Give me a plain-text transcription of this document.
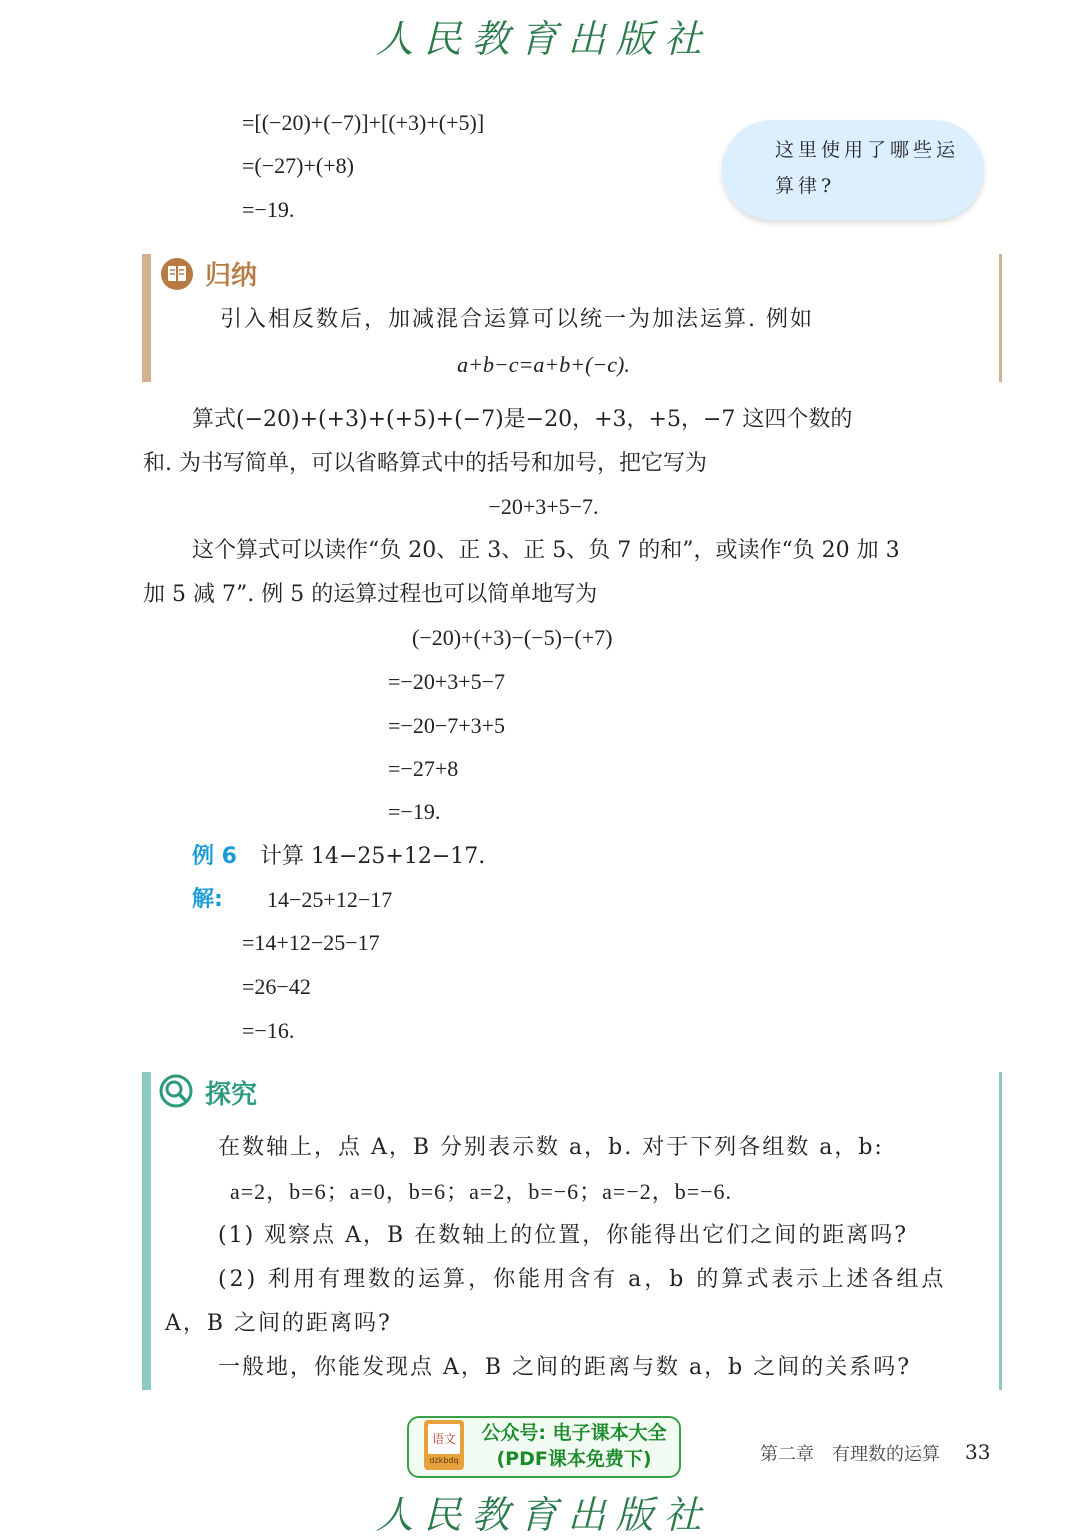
人民教育出版社
=[(−20)+(−7)]+[(+3)+(+5)]
=(−27)+(+8)
=−19.
这里使用了哪些运算律?
归纳
引入相反数后，加减混合运算可以统一为加法运算. 例如
a+b−c=a+b+(−c).
算式(−20)+(+3)+(+5)+(−7)是−20，+3，+5，−7 这四个数的
和. 为书写简单，可以省略算式中的括号和加号，把它写为
−20+3+5−7.
这个算式可以读作“负 20、正 3、正 5、负 7 的和”，或读作“负 20 加 3
加 5 减 7”. 例 5 的运算过程也可以简单地写为
(−20)+(+3)−(−5)−(+7)
=−20+3+5−7
=−20−7+3+5
=−27+8
=−19.
例 6 计算 14−25+12−17.
解: 14−25+12−17
=14+12−25−17
=26−42
=−16.
探究
在数轴上，点 A，B 分别表示数 a，b. 对于下列各组数 a，b:
a=2，b=6；a=0，b=6；a=2，b=−6；a=−2，b=−6.
(1) 观察点 A，B 在数轴上的位置，你能得出它们之间的距离吗?
(2) 利用有理数的运算，你能用含有 a，b 的算式表示上述各组点
A，B 之间的距离吗?
一般地，你能发现点 A，B 之间的距离与数 a，b 之间的关系吗?
语文
dzkbdq
公众号: 电子课本大全
(PDF课本免费下)	第二章　有理数的运算 33
人民教育出版社
